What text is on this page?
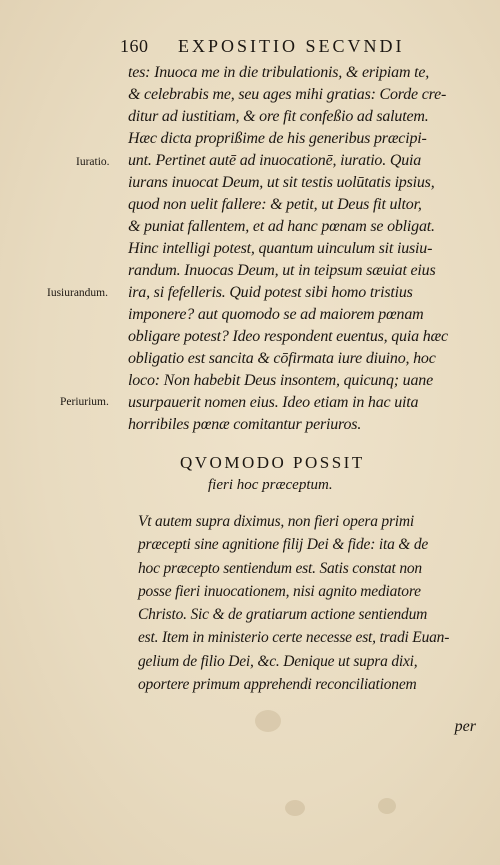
160 EXPOSITIO SECVNDI
Iuratio.
Iusiurandum.
Periurium.
tes: Inuoca me in die tribulationis, & eripiam te,
& celebrabis me, seu ages mihi gratias: Corde cre-
ditur ad iustitiam, & ore fit confeßio ad salutem.
Hæc dicta proprißime de his generibus præcipi-
unt. Pertinet autē ad inuocationē, iuratio. Quia
iurans inuocat Deum, ut sit testis uolūtatis ipsius,
quod non uelit fallere: & petit, ut Deus fit ultor,
& puniat fallentem, et ad hanc pœnam se obligat.
Hinc intelligi potest, quantum uinculum sit iusiu-
randum. Inuocas Deum, ut in teipsum sæuiat eius
ira, si fefelleris. Quid potest sibi homo tristius
imponere? aut quomodo se ad maiorem pœnam
obligare potest? Ideo respondent euentus, quia hæc
obligatio est sancita & cōfirmata iure diuino, hoc
loco: Non habebit Deus insontem, quicunq; uane
usurpauerit nomen eius. Ideo etiam in hac uita
horribiles pœnæ comitantur periuros.
QVOMODO POSSIT
fieri hoc præceptum.
Vt autem supra diximus, non fieri opera primi
præcepti sine agnitione filij Dei & fide: ita & de
hoc præcepto sentiendum est. Satis constat non
posse fieri inuocationem, nisi agnito mediatore
Christo. Sic & de gratiarum actione sentiendum
est. Item in ministerio certe necesse est, tradi Euan-
gelium de filio Dei, &c. Denique ut supra dixi,
oportere primum apprehendi reconciliationem
per
